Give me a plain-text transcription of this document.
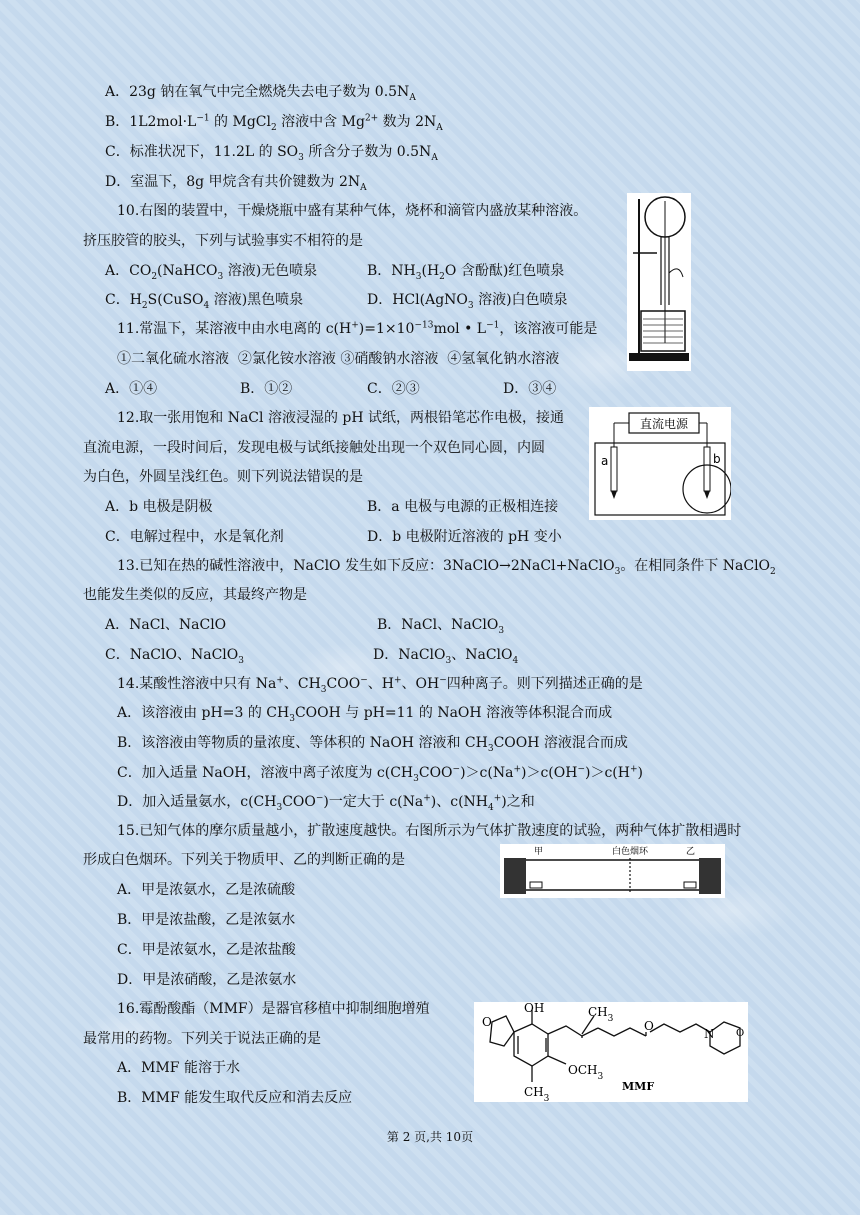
A．23g 钠在氧气中完全燃烧失去电子数为 $0.5N_A$
B．$1L2mol\cdot L^{-1}$ 的 MgCl$_2$ 溶液中含 $Mg^{2+}$ 数为 $2N_A$
C．标准状况下，11.2L 的 $SO_3$ 所含分子数为 $0.5N_A$
D．室温下，8g 甲烷含有共价键数为 $2N_A$
10.右图的装置中，干燥烧瓶中盛有某种气体，烧杯和滴管内盛放某种溶液。
挤压胶管的胶头，下列与试验事实不相符的是
A．$CO_2(NaHCO_3$ 溶液)无色喷泉	B．$NH_3(H_2O$ 含酚酞)红色喷泉
C．$H_2S(CuSO_4$ 溶液)黑色喷泉	D．HCl(AgNO$_3$ 溶液)白色喷泉
11.常温下，某溶液中由水电离的 $c(H^+)=1\times 10^{-13}mol$ • $L^{-1}$，该溶液可能是
①二氧化硫水溶液  ②氯化铵水溶液 ③硝酸钠水溶液  ④氢氧化钠水溶液
A．①④	B．①②	C．②③	D．③④
12.取一张用饱和 NaCl 溶液浸湿的 pH 试纸，两根铅笔芯作电极，接通
直流电源，一段时间后，发现电极与试纸接触处出现一个双色同心圆，内圆
为白色，外圆呈浅红色。则下列说法错误的是
A．b 电极是阴极	B．a 电极与电源的正极相连接
C．电解过程中，水是氧化剂	D．b 电极附近溶液的 pH 变小
直流电源
a	b
13.已知在热的碱性溶液中，NaClO 发生如下反应：3NaClO→2NaCl+NaClO$_3$。在相同条件下 NaClO$_2$
也能发生类似的反应，其最终产物是
A．NaCl、NaClO	B．NaCl、NaClO$_3$
C．NaClO、NaClO$_3$	D．NaClO$_3$、NaClO$_4$
14.某酸性溶液中只有 Na+、$CH_3COO^-$、H+、OH−四种离子。则下列描述正确的是
A．该溶液由 pH=3 的 $CH_3COOH$ 与 pH=11 的 NaOH 溶液等体积混合而成
B．该溶液由等物质的量浓度、等体积的 NaOH 溶液和 $CH_3COOH$ 溶液混合而成
C．加入适量 NaOH，溶液中离子浓度为 $c(CH_3COO^-)>c(Na^+)>c(OH^-)>c(H^+)$
D．加入适量氨水，$c(CH_3COO^-)$一定大于 c(Na+)、$c(NH_4^+)$之和
15.已知气体的摩尔质量越小，扩散速度越快。右图所示为气体扩散速度的试验，两种气体扩散相遇时
形成白色烟环。下列关于物质甲、乙的判断正确的是
A．甲是浓氨水，乙是浓硫酸
B．甲是浓盐酸，乙是浓氨水
C．甲是浓氨水，乙是浓盐酸
D．甲是浓硝酸，乙是浓氨水
甲	白色烟环	乙
16.霉酚酸酯（MMF）是器官移植中抑制细胞增殖
最常用的药物。下列关于说法正确的是
A．MMF 能溶于水
B．MMF 能发生取代反应和消去反应
OH	$CH_3$
$OCH_3$
$CH_3$
O	O
N O
MMF
第 2 页,共 10页
